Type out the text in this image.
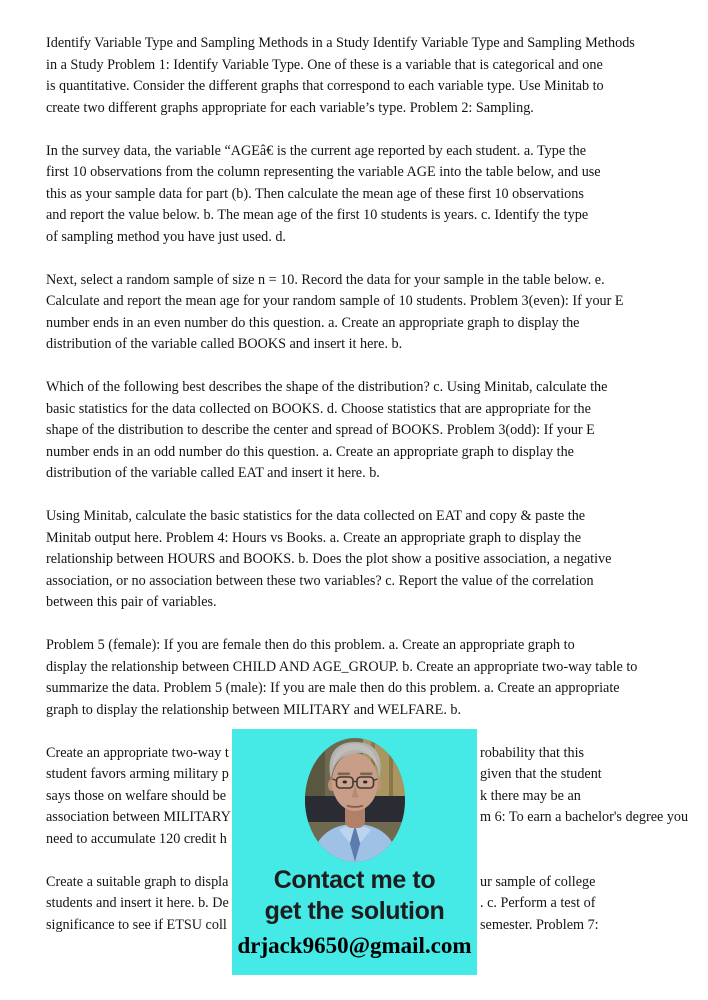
Identify Variable Type and Sampling Methods in a Study Identify Variable Type and Sampling Methods
in a Study Problem 1: Identify Variable Type. One of these is a variable that is categorical and one
is quantitative. Consider the different graphs that correspond to each variable type. Use Minitab to
create two different graphs appropriate for each variable’s type. Problem 2: Sampling.
In the survey data, the variable “AGEâ€ is the current age reported by each student. a. Type the
first 10 observations from the column representing the variable AGE into the table below, and use
this as your sample data for part (b). Then calculate the mean age of these first 10 observations
and report the value below. b. The mean age of the first 10 students is years. c. Identify the type
of sampling method you have just used. d.
Next, select a random sample of size n = 10. Record the data for your sample in the table below. e.
Calculate and report the mean age for your random sample of 10 students. Problem 3(even): If your E
number ends in an even number do this question. a. Create an appropriate graph to display the
distribution of the variable called BOOKS and insert it here. b.
Which of the following best describes the shape of the distribution? c. Using Minitab, calculate the
basic statistics for the data collected on BOOKS. d. Choose statistics that are appropriate for the
shape of the distribution to describe the center and spread of BOOKS. Problem 3(odd): If your E
number ends in an odd number do this question. a. Create an appropriate graph to display the
distribution of the variable called EAT and insert it here. b.
Using Minitab, calculate the basic statistics for the data collected on EAT and copy & paste the
Minitab output here. Problem 4: Hours vs Books. a. Create an appropriate graph to display the
relationship between HOURS and BOOKS. b. Does the plot show a positive association, a negative
association, or no association between these two variables? c. Report the value of the correlation
between this pair of variables.
Problem 5 (female): If you are female then do this problem. a. Create an appropriate graph to
display the relationship between CHILD AND AGE_GROUP. b. Create an appropriate two-way table to
summarize the data. Problem 5 (male): If you are male then do this problem. a. Create an appropriate
graph to display the relationship between MILITARY and WELFARE. b.
Create an appropriate two-way t	robability that this
student favors arming military p	given that the student
says those on welfare should be	k there may be an
association between MILITARY	m 6: To earn a bachelor's degree you
need to accumulate 120 credit h
Create a suitable graph to displa	ur sample of college
students and insert it here. b. De	. c. Perform a test of
significance to see if ETSU coll	semester. Problem 7:
Contact me to
get the solution
drjack9650@gmail.com
